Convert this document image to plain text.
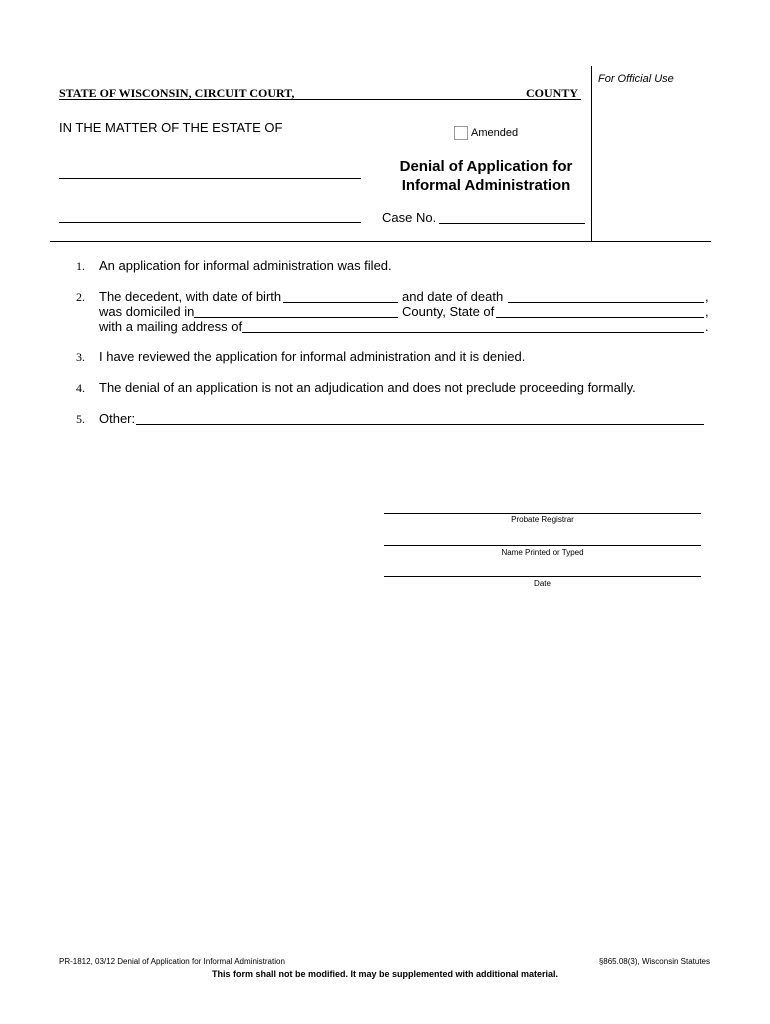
For Official Use
STATE OF WISCONSIN, CIRCUIT COURT,	COUNTY
IN THE MATTER OF THE ESTATE OF	Amended
Denial of Application for
Informal Administration
Case No.
1. An application for informal administration was filed.
2. The decedent, with date of birth	and date of death	,
was domiciled in	County, State of	,
with a mailing address of	.
3. I have reviewed the application for informal administration and it is denied.
4. The denial of an application is not an adjudication and does not preclude proceeding formally.
5. Other:
Probate Registrar
Name Printed or Typed
Date
PR-1812, 03/12 Denial of Application for Informal Administration	§865.08(3), Wisconsin Statutes
This form shall not be modified. It may be supplemented with additional material.
